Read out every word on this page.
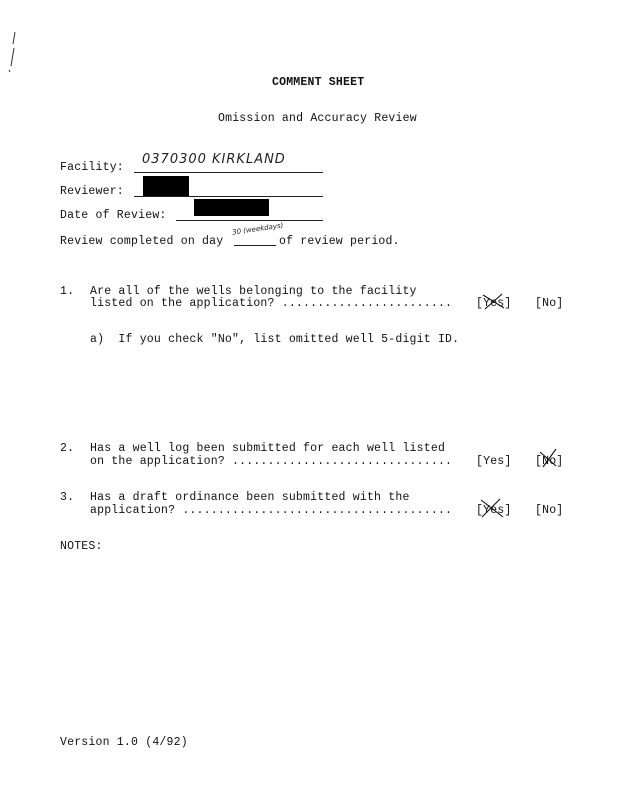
COMMENT SHEET
Omission and Accuracy Review
Facility:
0370300 KIRKLAND
Reviewer:
Date of Review:
Review completed on day
30 (weekdays)
of review period.
1. Are all of the wells belonging to the facility
listed on the application? ........................ [Yes] [No]
a)  If you check "No", list omitted well 5-digit ID.
2. Has a well log been submitted for each well listed
on the application? ............................... [Yes] [No]
3. Has a draft ordinance been submitted with the
application? ...................................... [Yes] [No]
NOTES:
Version 1.0 (4/92)
